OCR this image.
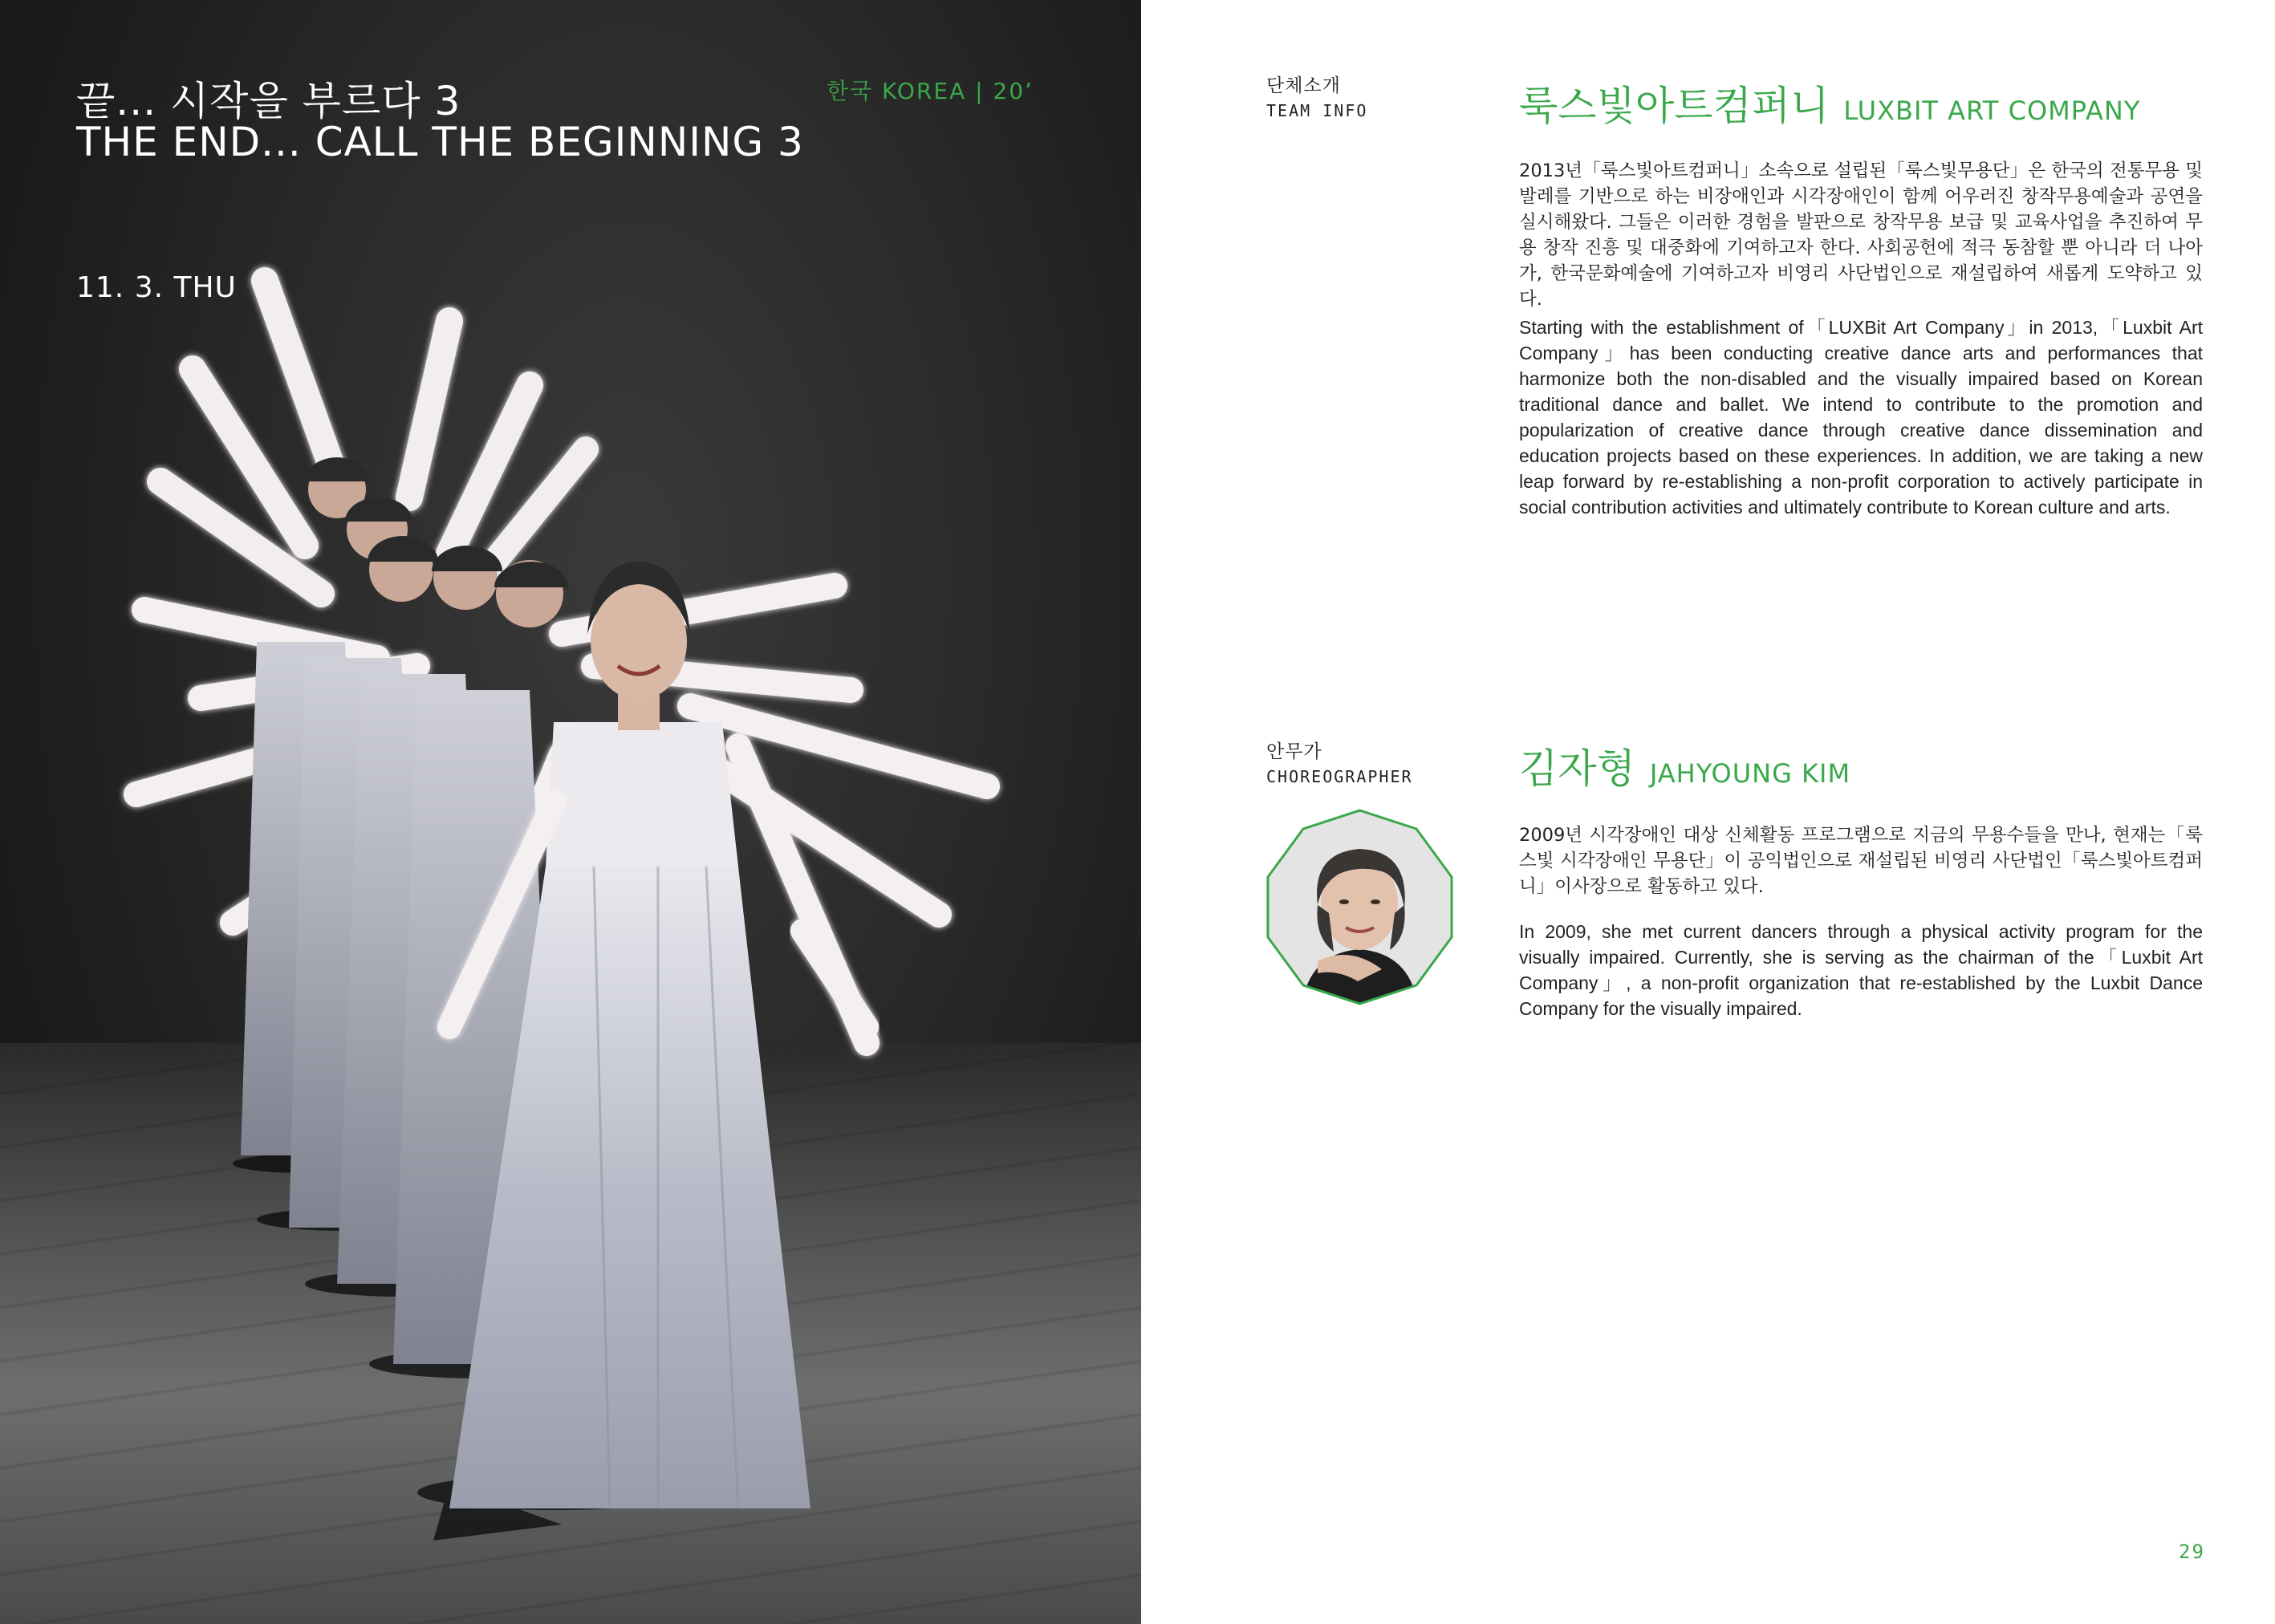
끝... 시작을 부르다 3
THE END... CALL THE BEGINNING 3
한국 KOREA | 20’
11. 3. THU
단체소개
TEAM INFO	룩스빛아트컴퍼니 LUXBIT ART COMPANY
2013년「룩스빛아트컴퍼니」소속으로 설립된「룩스빛무용단」은 한국의 전통무용 및 발레를 기반으로 하는 비장애인과 시각장애인이 함께 어우러진 창작무용예술과 공연을 실시해왔다. 그들은 이러한 경험을 발판으로 창작무용 보급 및 교육사업을 추진하여 무용 창작 진흥 및 대중화에 기여하고자 한다. 사회공헌에 적극 동참할 뿐 아니라 더 나아가, 한국문화예술에 기여하고자 비영리 사단법인으로 재설립하여 새롭게 도약하고 있다.
Starting with the establishment of「LUXBit Art Company」in 2013,「Luxbit Art Company」has been conducting creative dance arts and performances that harmonize both the non-disabled and the visually impaired based on Korean traditional dance and ballet. We intend to contribute to the promotion and popularization of creative dance through creative dance dissemination and education projects based on these experiences. In addition, we are taking a new leap forward by re-establishing a non-profit corporation to actively participate in social contribution activities and ultimately contribute to Korean culture and arts.
안무가
CHOREOGRAPHER	김자형 JAHYOUNG KIM
2009년 시각장애인 대상 신체활동 프로그램으로 지금의 무용수들을 만나, 현재는「룩스빛 시각장애인 무용단」이 공익법인으로 재설립된 비영리 사단법인「룩스빛아트컴퍼니」이사장으로 활동하고 있다.
In 2009, she met current dancers through a physical activity program for the visually impaired. Currently, she is serving as the chairman of the「Luxbit Art Company」, a non-profit organization that re-established by the Luxbit Dance Company for the visually impaired.
29
